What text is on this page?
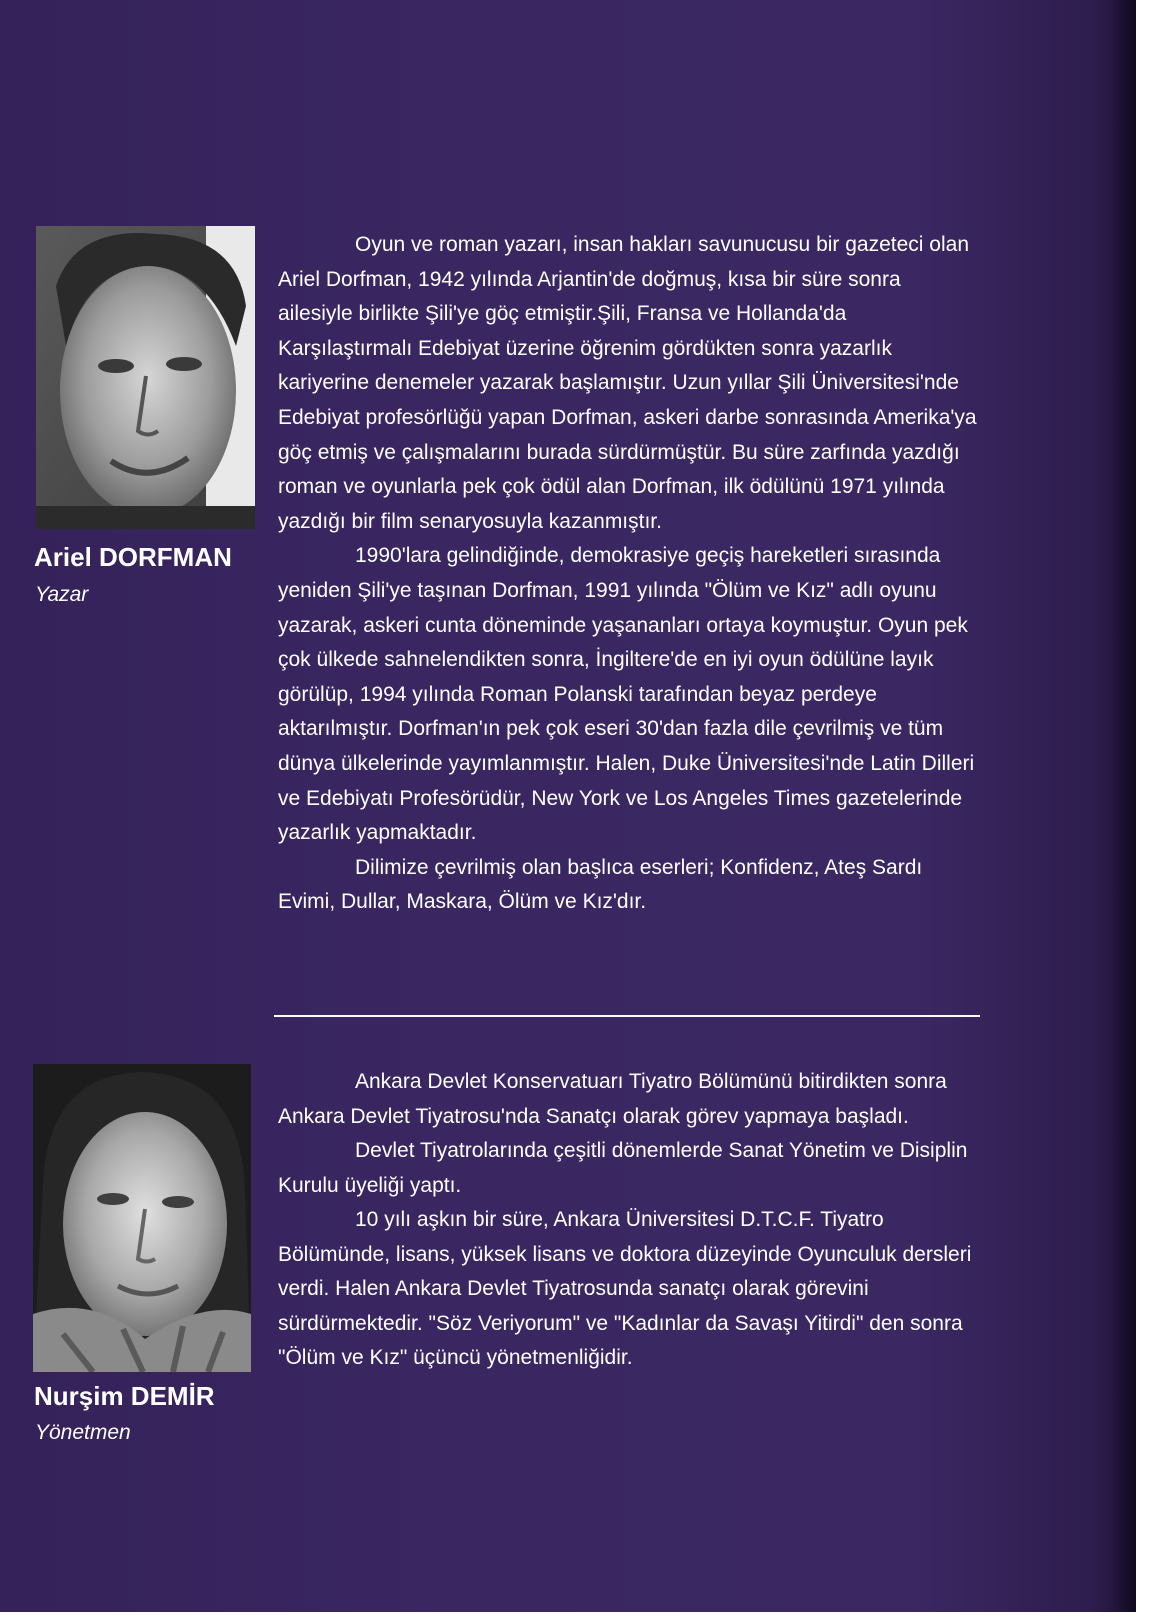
Ariel DORFMAN

Yazar

Oyun ve roman yazarı, insan hakları savunucusu bir gazeteci olan Ariel Dorfman, 1942 yılında Arjantin'de doğmuş, kısa bir süre sonra ailesiyle birlikte Şili'ye göç etmiştir.Şili, Fransa ve Hollanda'da Karşılaştırmalı Edebiyat üzerine öğrenim gördükten sonra yazarlık kariyerine denemeler yazarak başlamıştır. Uzun yıllar Şili Üniversitesi'nde Edebiyat profesörlüğü yapan Dorfman, askeri darbe sonrasında Amerika'ya göç etmiş ve çalışmalarını burada sürdürmüştür. Bu süre zarfında yazdığı roman ve oyunlarla pek çok ödül alan Dorfman, ilk ödülünü 1971 yılında yazdığı bir film senaryosuyla kazanmıştır.

1990'lara gelindiğinde, demokrasiye geçiş hareketleri sırasında yeniden Şili'ye taşınan Dorfman, 1991 yılında "Ölüm ve Kız" adlı oyunu yazarak, askeri cunta döneminde yaşananları ortaya koymuştur. Oyun pek çok ülkede sahnelendikten sonra, İngiltere'de en iyi oyun ödülüne layık görülüp, 1994 yılında Roman Polanski tarafından beyaz perdeye aktarılmıştır. Dorfman'ın pek çok eseri 30'dan fazla dile çevrilmiş ve tüm dünya ülkelerinde yayımlanmıştır. Halen, Duke Üniversitesi'nde Latin Dilleri ve Edebiyatı Profesörüdür, New York ve Los Angeles Times gazetelerinde yazarlık yapmaktadır.

Dilimize çevrilmiş olan başlıca eserleri; Konfidenz, Ateş Sardı Evimi, Dullar, Maskara, Ölüm ve Kız'dır.

Nurşim DEMİR

Yönetmen

Ankara Devlet Konservatuarı Tiyatro Bölümünü bitirdikten sonra Ankara Devlet Tiyatrosu'nda Sanatçı olarak görev yapmaya başladı.

Devlet Tiyatrolarında çeşitli dönemlerde Sanat Yönetim ve Disiplin Kurulu üyeliği yaptı.

10 yılı aşkın bir süre, Ankara Üniversitesi D.T.C.F. Tiyatro Bölümünde, lisans, yüksek lisans ve doktora düzeyinde Oyunculuk dersleri verdi. Halen Ankara Devlet Tiyatrosunda sanatçı olarak görevini sürdürmektedir. "Söz Veriyorum" ve "Kadınlar da Savaşı Yitirdi" den sonra "Ölüm ve Kız" üçüncü yönetmenliğidir.
